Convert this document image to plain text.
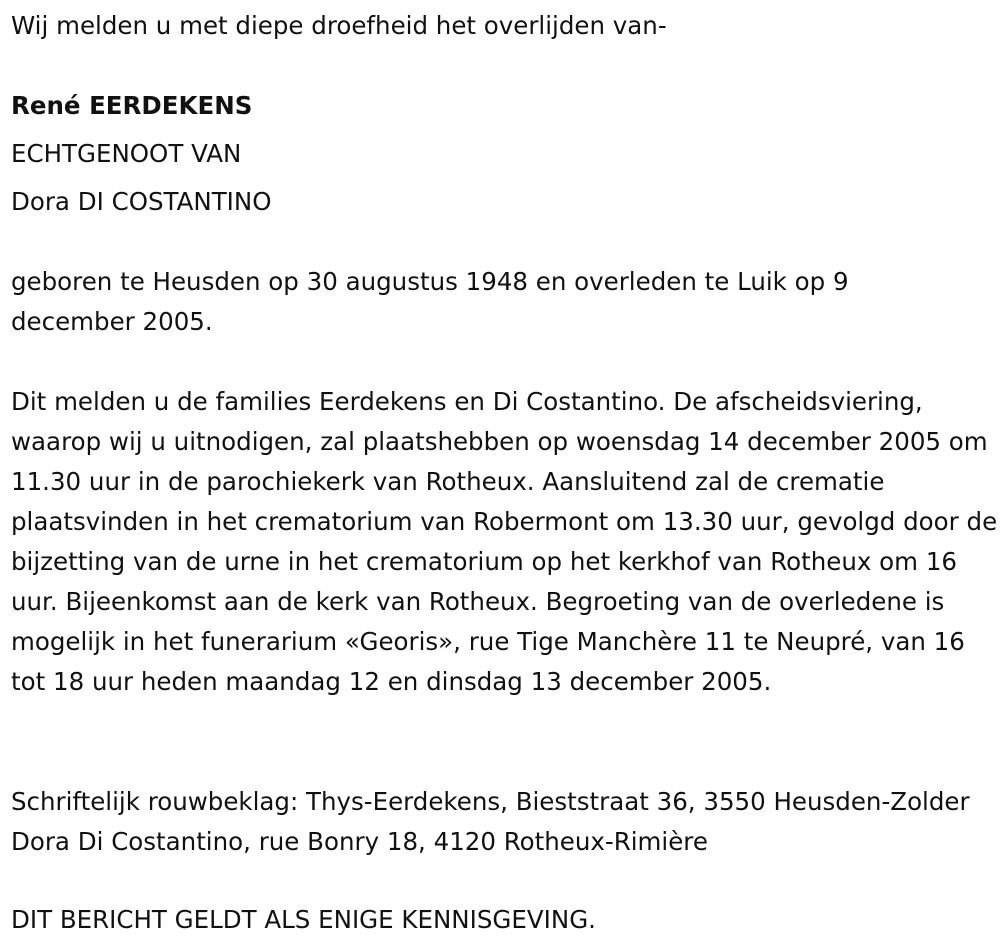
Wij melden u met diepe droefheid het overlijden van-

René EERDEKENS

ECHTGENOOT VAN

Dora DI COSTANTINO

geboren te Heusden op 30 augustus 1948 en overleden te Luik op 9 december 2005.

Dit melden u de families Eerdekens en Di Costantino. De afscheidsviering, waarop wij u uitnodigen, zal plaatshebben op woensdag 14 december 2005 om 11.30 uur in de parochiekerk van Rotheux. Aansluitend zal de crematie plaatsvinden in het crematorium van Robermont om 13.30 uur, gevolgd door de bijzetting van de urne in het crematorium op het kerkhof van Rotheux om 16 uur. Bijeenkomst aan de kerk van Rotheux. Begroeting van de overledene is mogelijk in het funerarium «Georis», rue Tige Manchère 11 te Neupré, van 16 tot 18 uur heden maandag 12 en dinsdag 13 december 2005.

Schriftelijk rouwbeklag: Thys-Eerdekens, Bieststraat 36, 3550 Heusden-Zolder Dora Di Costantino, rue Bonry 18, 4120 Rotheux-Rimière

DIT BERICHT GELDT ALS ENIGE KENNISGEVING.
